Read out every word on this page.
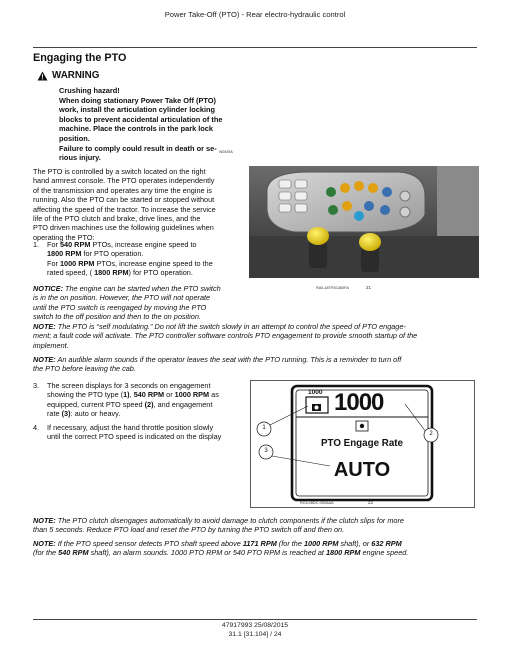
Power Take-Off (PTO) - Rear electro-hydraulic control
Engaging the PTO
WARNING
Crushing hazard!
When doing stationary Power Take Off (PTO)
work, install the articulation cylinder locking
blocks to prevent accidental articulation of the
machine. Place the controls in the park lock
position.
Failure to comply could result in death or se-
rious injury.
W0439A
The PTO is controlled by a switch located on the right
hand armrest console. The PTO operates independently
of the transmission and operates any time the engine is
running. Also the PTO can be started or stopped without
affecting the speed of the tractor. To increase the service
life of the PTO clutch and brake, drive lines, and the
PTO driven machines use the following guidelines when
operating the PTO:
1.	For 540 RPM PTOs, increase engine speed to
1800 RPM for PTO operation.
For 1000 RPM PTOs, increase engine speed to the
rated speed, ( 1800 RPM) for PTO operation.
NOTICE: The engine can be started when the PTO switch
is in the on position. However, the PTO will not operate
until the PTO switch is reengaged by moving the PTO
switch to the off position and then to the on position.
RAIL18TR01360FA	21
NOTE: The PTO is “self modulating.” Do not lift the switch slowly in an attempt to control the speed of PTO engage-
ment; a fault code will activate. The PTO controller software controls PTO engagement to provide smooth startup of the
implement.
NOTE: An audible alarm sounds if the operator leaves the seat with the PTO running. This is a reminder to turn off
the PTO before leaving the cab.
3.	The screen displays for 3 seconds on engagement
showing the PTO type (1), 540 RPM or 1000 RPM as
equipped, current PTO speed (2), and engagement
rate (3): auto or heavy.
4.	If necessary, adjust the hand throttle position slowly
until the correct PTO speed is indicated on the display
1000 1000
PTO Engage Rate
AUTO
1
2
3
RCIL08DC-050AAA	22
NOTE: The PTO clutch disengages automatically to avoid damage to clutch components if the clutch slips for more
than 5 seconds. Reduce PTO load and reset the PTO by turning the PTO switch off and then on.
NOTE: If the PTO speed sensor detects PTO shaft speed above 1171 RPM (for the 1000 RPM shaft), or 632 RPM
(for the 540 RPM shaft), an alarm sounds. 1000 PTO RPM or 540 PTO RPM is reached at 1800 RPM engine speed.
47917993 25/08/2015
31.1 [31.104] / 24
